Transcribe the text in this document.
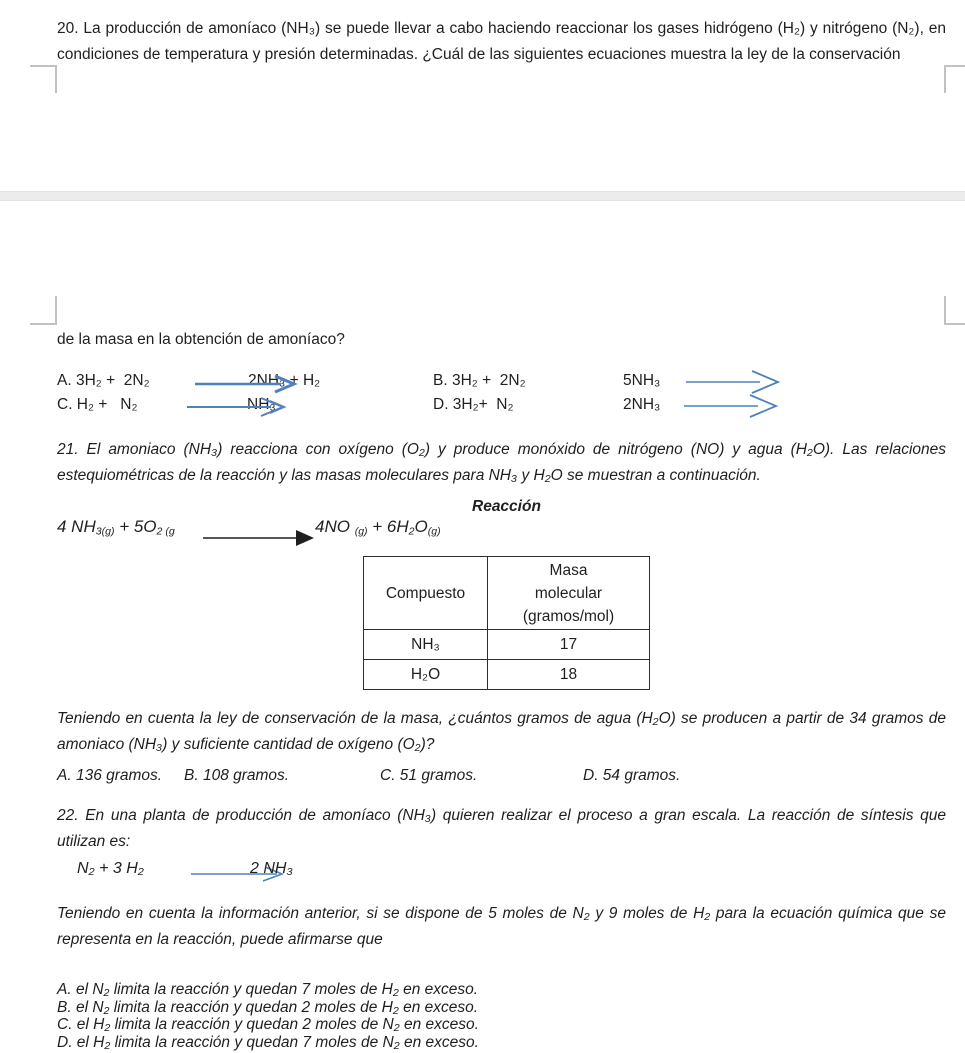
20. La producción de amoníaco (NH₃) se puede llevar a cabo haciendo reaccionar los gases hidrógeno (H₂) y nitrógeno (N₂), en condiciones de temperatura y presión determinadas. ¿Cuál de las siguientes ecuaciones muestra la ley de la conservación
de la masa en la obtención de amoníaco?
A. 3H₂ +  2N₂	2NH₃ + H₂	B. 3H₂ +  2N₂	5NH₃
C. H₂ +   N₂	NH₃	D. 3H₂+  N₂	2NH₃
21. El amoniaco (NH₃) reacciona con oxígeno (O₂) y produce monóxido de nitrógeno (NO) y agua (H₂O). Las relaciones estequiométricas de la reacción y las masas moleculares para NH₃ y H₂O se muestran a continuación.
Reacción
4 $NH_{3(g)} + 5O_{2 (g}$	4NO $_{(g)} + 6H_2O_{(g)}$
Compuesto	Masa molecular (gramos/mol)

NH₃	17
H₂O	18
Teniendo en cuenta la ley de conservación de la masa, ¿cuántos gramos de agua (H₂O) se producen a partir de 34 gramos de amoniaco (NH₃) y suficiente cantidad de oxígeno (O₂)?
A. 136 gramos. B. 108 gramos.	C. 51 gramos.	D. 54 gramos.
22. En una planta de producción de amoníaco (NH₃) quieren realizar el proceso a gran escala. La reacción de síntesis que utilizan es:
N₂ + 3 H₂	2 NH₃
Teniendo en cuenta la información anterior, si se dispone de 5 moles de N₂ y 9 moles de H₂ para la ecuación química que se representa en la reacción, puede afirmarse que
A. el N₂ limita la reacción y quedan 7 moles de H₂ en exceso.
B. el N₂ limita la reacción y quedan 2 moles de H₂ en exceso.
C. el H₂ limita la reacción y quedan 2 moles de N₂ en exceso.
D. el H₂ limita la reacción y quedan 7 moles de N₂ en exceso.
